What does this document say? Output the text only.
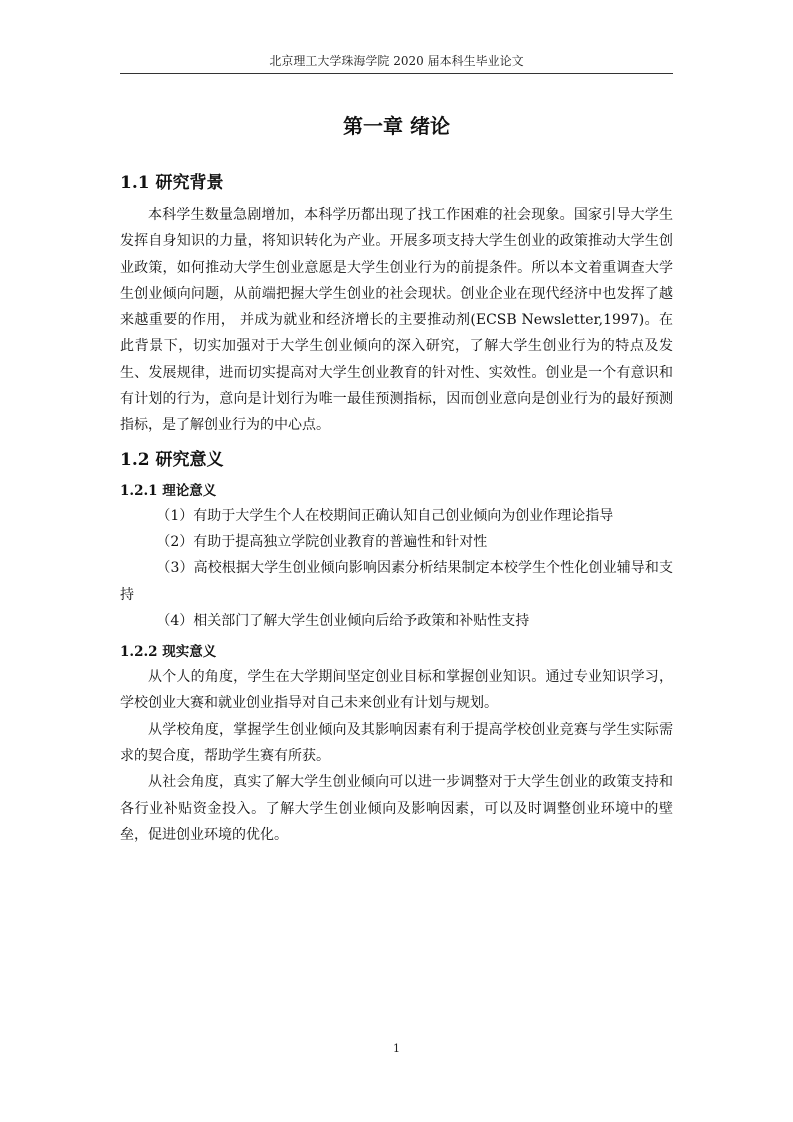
北京理工大学珠海学院 2020 届本科生毕业论文
第一章 绪论
1.1 研究背景

本科学生数量急剧增加，本科学历都出现了找工作困难的社会现象。国家引导大学生发挥自身知识的力量，将知识转化为产业。开展多项支持大学生创业的政策推动大学生创业政策，如何推动大学生创业意愿是大学生创业行为的前提条件。所以本文着重调查大学生创业倾向问题，从前端把握大学生创业的社会现状。创业企业在现代经济中也发挥了越来越重要的作用， 并成为就业和经济增长的主要推动剂(ECSB Newsletter,1997)。在此背景下，切实加强对于大学生创业倾向的深入研究，了解大学生创业行为的特点及发生、发展规律，进而切实提高对大学生创业教育的针对性、实效性。创业是一个有意识和有计划的行为，意向是计划行为唯一最佳预测指标，因而创业意向是创业行为的最好预测指标，是了解创业行为的中心点。

1.2 研究意义
1.2.1 理论意义

（1）有助于大学生个人在校期间正确认知自己创业倾向为创业作理论指导

（2）有助于提高独立学院创业教育的普遍性和针对性

（3）高校根据大学生创业倾向影响因素分析结果制定本校学生个性化创业辅导和支持

（4）相关部门了解大学生创业倾向后给予政策和补贴性支持

1.2.2 现实意义

从个人的角度，学生在大学期间坚定创业目标和掌握创业知识。通过专业知识学习，学校创业大赛和就业创业指导对自己未来创业有计划与规划。

从学校角度，掌握学生创业倾向及其影响因素有利于提高学校创业竞赛与学生实际需求的契合度，帮助学生赛有所获。

从社会角度，真实了解大学生创业倾向可以进一步调整对于大学生创业的政策支持和各行业补贴资金投入。了解大学生创业倾向及影响因素，可以及时调整创业环境中的壁垒，促进创业环境的优化。

1
